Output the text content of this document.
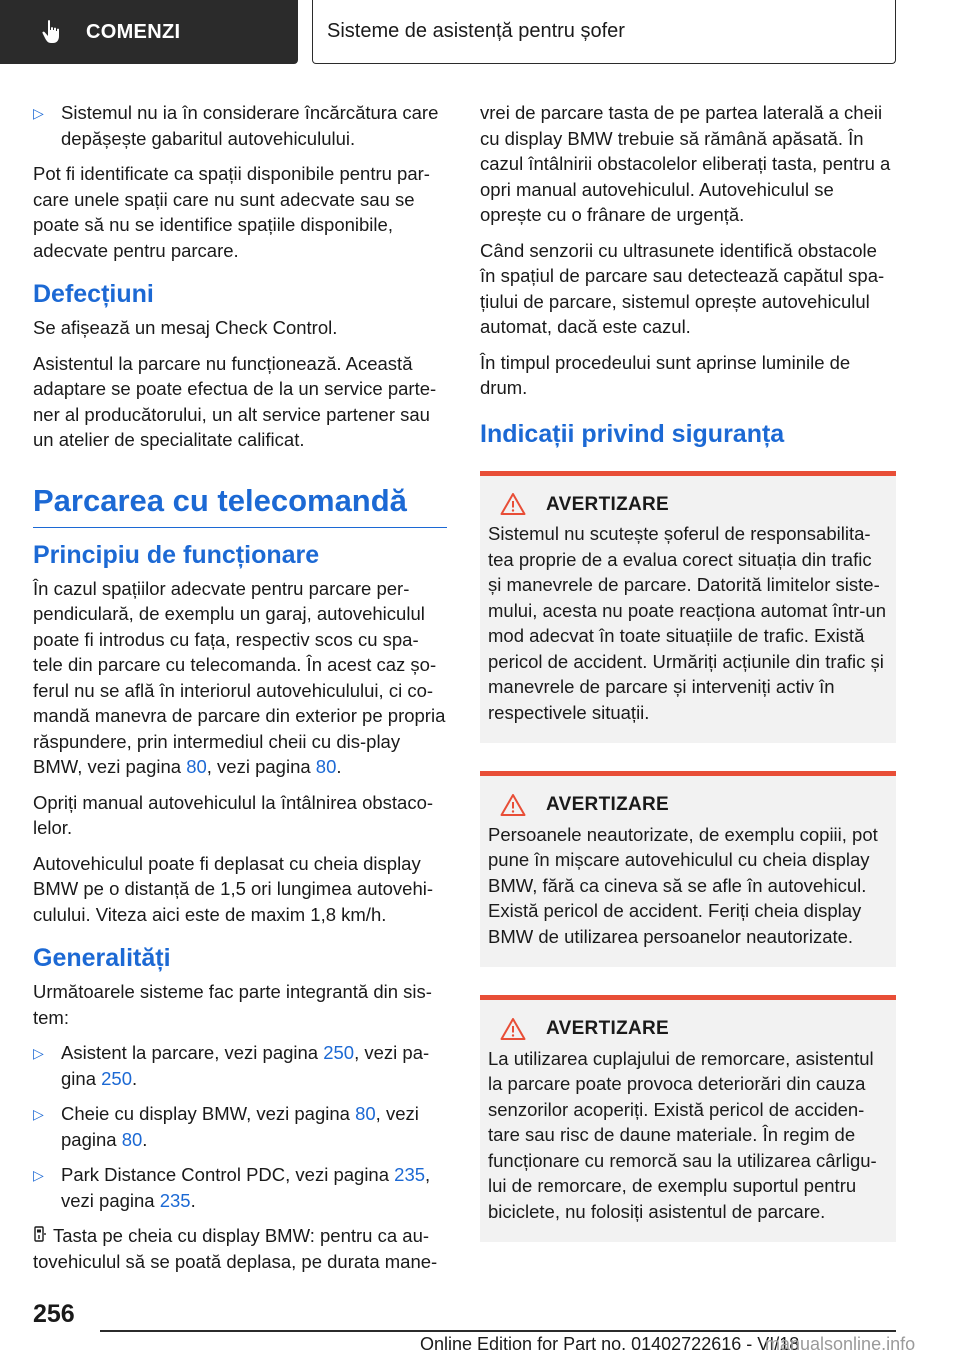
COMENZI	Sisteme de asistență pentru șofer
▷ Sistemul nu ia în considerare încărcătura care depășește gabaritul autovehiculului.

Pot fi identificate ca spații disponibile pentru par-care unele spații care nu sunt adecvate sau se poate să nu se identifice spațiile disponibile, adecvate pentru parcare.

Defecțiuni

Se afișează un mesaj Check Control.

Asistentul la parcare nu funcționează. Această adaptare se poate efectua de la un service parte-ner al producătorului, un alt service partener sau un atelier de specialitate calificat.

Parcarea cu telecomandă
Principiu de funcționare

În cazul spațiilor adecvate pentru parcare per-pendiculară, de exemplu un garaj, autovehiculul poate fi introdus cu fața, respectiv scos cu spa-tele din parcare cu telecomanda. În acest caz șo-ferul nu se află în interiorul autovehiculului, ci co-mandă manevra de parcare din exterior pe propria răspundere, prin intermediul cheii cu dis-play BMW, vezi pagina 80, vezi pagina 80.

Opriți manual autovehiculul la întâlnirea obstaco-lelor.

Autovehiculul poate fi deplasat cu cheia display BMW pe o distanță de 1,5 ori lungimea autovehi-culului. Viteza aici este de maxim 1,8 km/h.

Generalități

Următoarele sisteme fac parte integrantă din sis-tem:

▷ Asistent la parcare, vezi pagina 250, vezi pa-gina 250.
▷ Cheie cu display BMW, vezi pagina 80, vezi pagina 80.
▷ Park Distance Control PDC, vezi pagina 235, vezi pagina 235.

Tasta pe cheia cu display BMW: pentru ca au-tovehiculul să se poată deplasa, pe durata mane-

vrei de parcare tasta de pe partea laterală a cheii cu display BMW trebuie să rămână apăsată. În cazul întâlnirii obstacolelor eliberați tasta, pentru a opri manual autovehiculul. Autovehiculul se oprește cu o frânare de urgență.

Când senzorii cu ultrasunete identifică obstacole în spațiul de parcare sau detectează capătul spa-țiului de parcare, sistemul oprește autovehiculul automat, dacă este cazul.

În timpul procedeului sunt aprinse luminile de drum.

Indicații privind siguranța
AVERTIZARE
Sistemul nu scutește șoferul de responsabilita-tea proprie de a evalua corect situația din trafic și manevrele de parcare. Datorită limitelor siste-mului, acesta nu poate reacționa automat într-un mod adecvat în toate situațiile de trafic. Există pericol de accident. Urmăriți acțiunile din trafic și manevrele de parcare și interveniți activ în respectivele situații.
AVERTIZARE
Persoanele neautorizate, de exemplu copiii, pot pune în mișcare autovehiculul cu cheia display BMW, fără ca cineva să se afle în autovehicul. Există pericol de accident. Feriți cheia display BMW de utilizarea persoanelor neautorizate.
AVERTIZARE
La utilizarea cuplajului de remorcare, asistentul la parcare poate provoca deteriorări din cauza senzorilor acoperiți. Există pericol de acciden-tare sau risc de daune materiale. În regim de funcționare cu remorcă sau la utilizarea cârligu-lui de remorcare, de exemplu suportul pentru biciclete, nu folosiți asistentul de parcare.
256
Online Edition for Part no. 01402722616 - VI/18
manualsonline.info
